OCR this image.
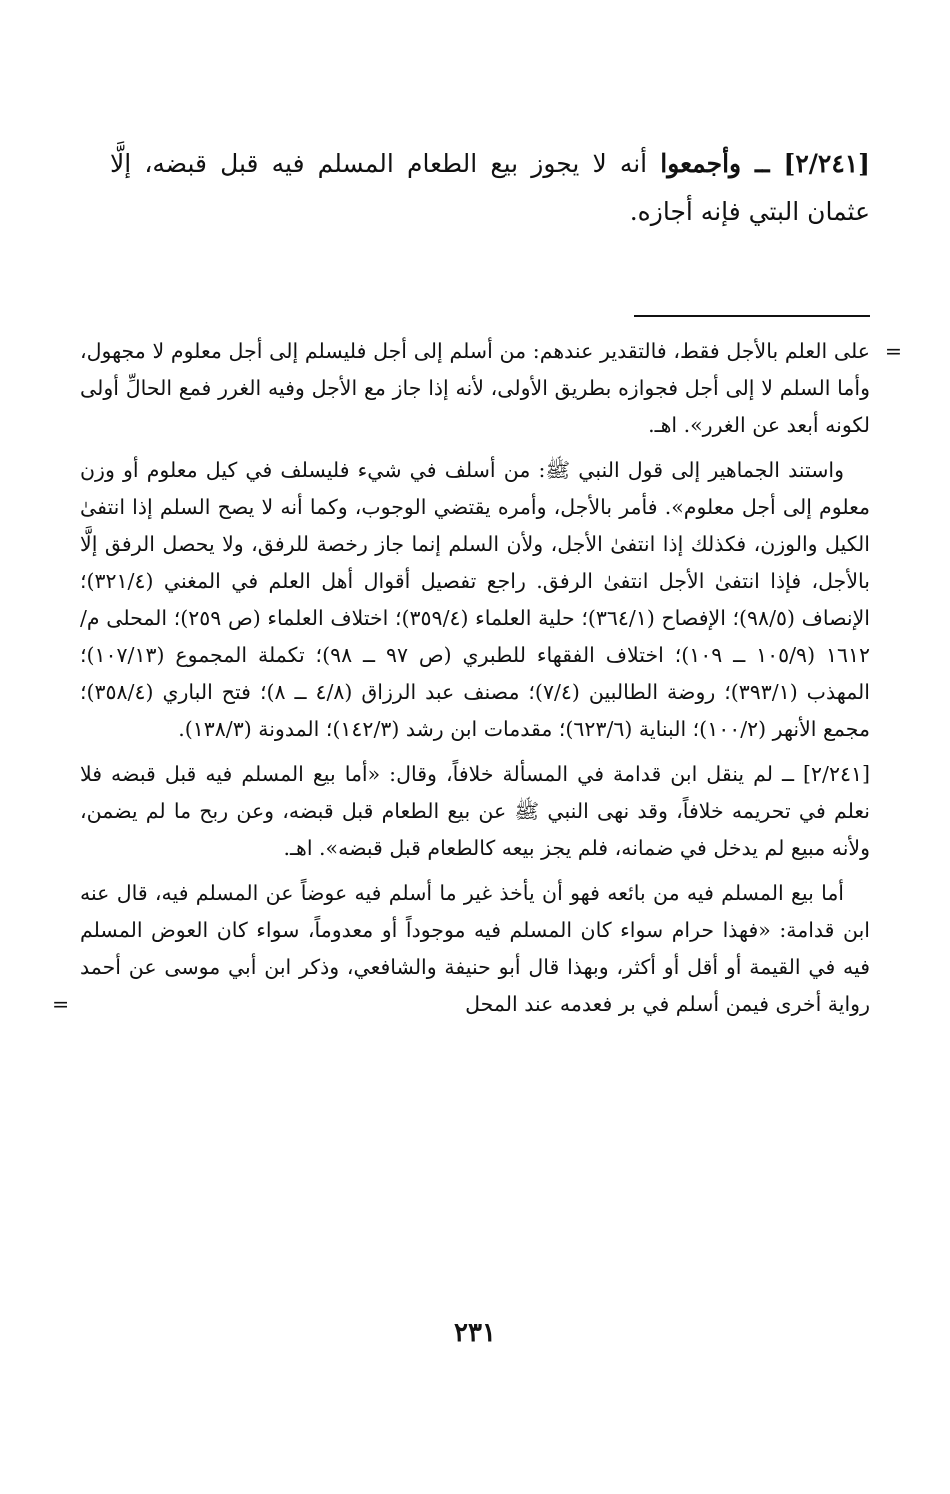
[٢/٢٤١] ــ وأجمعوا أنه لا يجوز بيع الطعام المسلم فيه قبل قبضه، إلَّا عثمان البتي فإنه أجازه.

=
على العلم بالأجل فقط، فالتقدير عندهم: من أسلم إلى أجل فليسلم إلى أجل معلوم لا مجهول، وأما السلم لا إلى أجل فجوازه بطريق الأولى، لأنه إذا جاز مع الأجل وفيه الغرر فمع الحالِّ أولى لكونه أبعد عن الغرر». اهـ.

واستند الجماهير إلى قول النبي ﷺ: من أسلف في شيء فليسلف في كيل معلوم أو وزن معلوم إلى أجل معلوم». فأمر بالأجل، وأمره يقتضي الوجوب، وكما أنه لا يصح السلم إذا انتفىٰ الكيل والوزن، فكذلك إذا انتفىٰ الأجل، ولأن السلم إنما جاز رخصة للرفق، ولا يحصل الرفق إلَّا بالأجل، فإذا انتفىٰ الأجل انتفىٰ الرفق. راجع تفصيل أقوال أهل العلم في المغني (٣٢١/٤)؛ الإنصاف (٩٨/٥)؛ الإفصاح (٣٦٤/١)؛ حلية العلماء (٣٥٩/٤)؛ اختلاف العلماء (ص ٢٥٩)؛ المحلى م/١٦١٢ (١٠٥/٩ ــ ١٠٩)؛ اختلاف الفقهاء للطبري (ص ٩٧ ــ ٩٨)؛ تكملة المجموع (١٠٧/١٣)؛ المهذب (٣٩٣/١)؛ روضة الطالبين (٧/٤)؛ مصنف عبد الرزاق (٤/٨ ــ ٨)؛ فتح الباري (٣٥٨/٤)؛ مجمع الأنهر (١٠٠/٢)؛ البناية (٦٢٣/٦)؛ مقدمات ابن رشد (١٤٢/٣)؛ المدونة (١٣٨/٣).

[٢/٢٤١] ــ لم ينقل ابن قدامة في المسألة خلافاً، وقال: «أما بيع المسلم فيه قبل قبضه فلا نعلم في تحريمه خلافاً، وقد نهى النبي ﷺ عن بيع الطعام قبل قبضه، وعن ربح ما لم يضمن، ولأنه مبيع لم يدخل في ضمانه، فلم يجز بيعه كالطعام قبل قبضه». اهـ.

أما بيع المسلم فيه من بائعه فهو أن يأخذ غير ما أسلم فيه عوضاً عن المسلم فيه، قال عنه ابن قدامة: «فهذا حرام سواء كان المسلم فيه موجوداً أو معدوماً، سواء كان العوض المسلم فيه في القيمة أو أقل أو أكثر، وبهذا قال أبو حنيفة والشافعي، وذكر ابن أبي موسى عن أحمد رواية أخرى فيمن أسلم في بر فعدمه عند المحل
=

٢٣١
